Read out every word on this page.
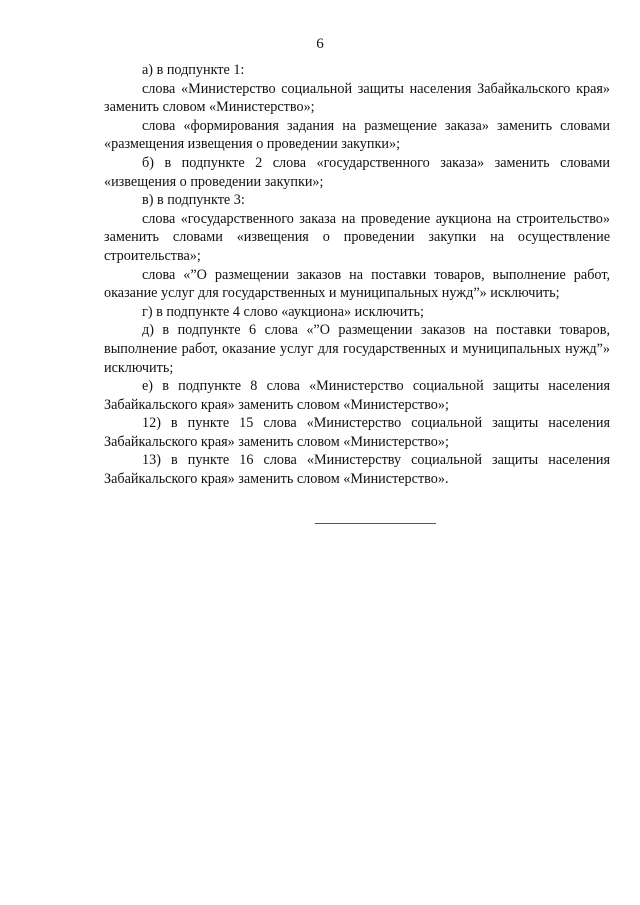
6

а) в подпункте 1:

слова «Министерство социальной защиты населения Забайкальского края» заменить словом «Министерство»;

слова «формирования задания на размещение заказа» заменить словами «размещения извещения о проведении закупки»;

б) в подпункте 2 слова «государственного заказа» заменить словами «извещения о проведении закупки»;

в) в подпункте 3:

слова «государственного заказа на проведение аукциона на строительство» заменить словами «извещения о проведении закупки на осуществление строительства»;

слова «”О размещении заказов на поставки товаров, выполнение работ, оказание услуг для государственных и муниципальных нужд”» исключить;

г) в подпункте 4 слово «аукциона» исключить;

д) в подпункте 6 слова «”О размещении заказов на поставки товаров, выполнение работ, оказание услуг для государственных и муниципальных нужд”» исключить;

е) в подпункте 8 слова «Министерство социальной защиты населения Забайкальского края» заменить словом «Министерство»;

12) в пункте 15 слова «Министерство социальной защиты населения Забайкальского края» заменить словом «Министерство»;

13) в пункте 16 слова «Министерству социальной защиты населения Забайкальского края» заменить словом «Министерство».
